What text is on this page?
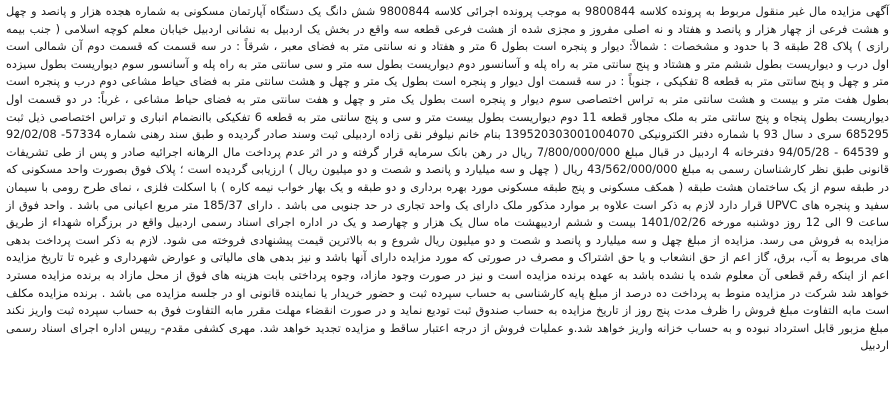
آگهی مزایده مال غیر منقول مربوط به پرونده کلاسه 9800844 به موجب پرونده اجرائی کلاسه 9800844 شش دانگ یک دستگاه آپارتمان مسکونی به شماره هجده هزار و پانصد و چهل و هشت فرعی از چهار هزار و پانصد و هفتاد و نه اصلی مفروز و مجزی شده از هشت فرعی قطعه سه واقع در بخش یک اردبیل به نشانی اردبیل خیابان معلم کوچه اسلامی ( جنب بیمه رازی ) پلاک 28 طبقه 3 با حدود و مشخصات : شمالاً: دیوار و پنجره است بطول 6 متر و هفتاد و نه سانتی متر به فضای معبر ، شرقاً : در سه قسمت که قسمت دوم آن شمالی است اول درب و دیواریست بطول ششم متر و هشتاد و پنج سانتی متر به راه پله و آسانسور دوم دیواریست بطول سه متر و سی سانتی متر به راه پله و آسانسور سوم دیواریست بطول سیزده متر و چهل و پنج سانتی متر به قطعه 8 تفکیکی ، جنوباً : در سه قسمت اول دیوار و پنجره است بطول یک متر و چهل و هشت سانتی متر به فضای حیاط مشاعی دوم درب و پنجره است بطول هفت متر و بیست و هشت سانتی متر به تراس اختصاصی سوم دیوار و پنجره است بطول یک متر و چهل و هفت سانتی متر به فضای حیاط مشاعی ، غرباً: در دو قسمت اول دیواریست بطول پنجاه و پنج سانتی متر به ملک مجاور قطعه 11 دوم دیواریست بطول بیست متر و سی و پنج سانتی متر به قطعه 6 تفکیکی باانضمام انباری و تراس اختصاصی ذیل ثبت 685295 سری د سال 93 با شماره دفتر الکترونیکی 139520303001004070 بنام خانم نیلوفر نقی زاده اردبیلی ثبت وسند صادر گردیده و طبق سند رهنی شماره 57334- 92/02/08 و 64539 - 94/05/28 دفترخانه 4 اردبیل در قبال مبلغ 7/800/000/000 ریال در رهن بانک سرمایه قرار گرفته و در اثر عدم پرداخت مال الرهانه اجرائیه صادر و پس از طی تشریفات قانونی طبق نظر کارشناسان رسمی به مبلغ 43/562/000/000 ریال ( چهل و سه میلیارد و پانصد و شصت و دو میلیون ریال ) ارزیابی گردیده است ؛ پلاک فوق بصورت واحد مسکونی که در طبقه سوم از یک ساختمان هشت طبقه ( همکف مسکونی و پنج طبقه مسکونی مورد بهره برداری و دو طبقه و یک بهار خواب نیمه کاره ) با اسکلت فلزی ، نمای طرح رومی با سیمان سفید و پنجره های UPVC قرار دارد لازم به ذکر است علاوه بر موارد مذکور ملک دارای یک واحد تجاری در حد جنوبی می باشد . دارای 185/37 متر مربع اعیانی می باشد . واحد فوق از ساعت 9 الی 12 روز دوشنبه مورخه 1401/02/26 بیست و ششم اردیبهشت ماه سال یک هزار و چهارصد و یک در اداره اجرای اسناد رسمی اردبیل واقع در برزگراه شهداء از طریق مزایده به فروش می رسد. مزایده از مبلغ چهل و سه میلیارد و پانصد و شصت و دو میلیون ریال شروع و به بالاترین قیمت پیشنهادی فروخته می شود. لازم به ذکر است پرداخت بدهی های مربوط به آب، برق، گاز اعم از حق انشعاب و یا حق اشتراک و مصرف در صورتی که مورد مزایده دارای آنها باشد و نیز بدهی های مالیاتی و عوارض شهرداری و غیره تا تاریخ مزایده اعم از اینکه رقم قطعی آن معلوم شده یا نشده باشد به عهده برنده مزایده است و نیز در صورت وجود مازاد، وجوه پرداختی بابت هزینه های فوق از محل مازاد به برنده مزایده مسترد خواهد شد شرکت در مزایده منوط به پرداخت ده درصد از مبلغ پایه کارشناسی به حساب سپرده ثبت و حضور خریدار یا نماینده قانونی او در جلسه مزایده می باشد . برنده مزایده مکلف است مابه التفاوت مبلغ فروش را ظرف مدت پنج روز از تاریخ مزایده به حساب صندوق ثبت تودیع نماید و در صورت انقضاء مهلت مقرر مابه التفاوت فوق به حساب سپرده ثبت واریز نکند مبلغ مزبور قابل استرداد نبوده و به حساب خزانه واریز خواهد شد.و عملیات فروش از درجه اعتبار ساقط و مزایده تجدید خواهد شد. مهری کشفی مقدم- رییس اداره اجرای اسناد رسمی اردبیل
